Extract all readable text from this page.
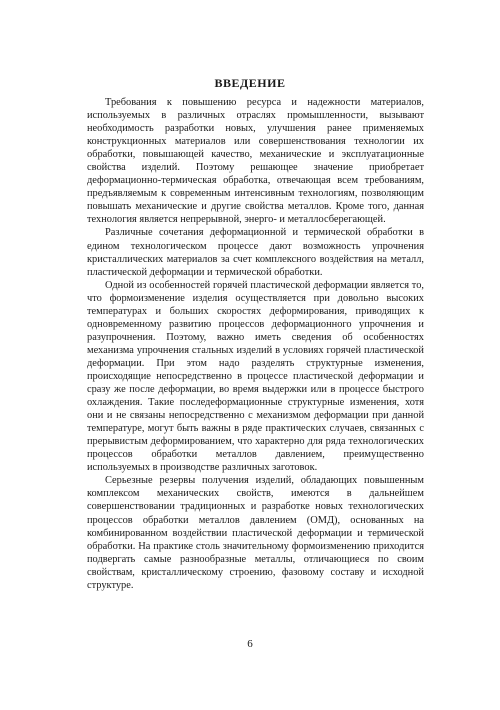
ВВЕДЕНИЕ

Требования к повышению ресурса и надежности материалов, используемых в различных отраслях промышленности, вызывают необходимость разработки новых, улучшения ранее применяемых конструкционных материалов или совершенствования технологии их обработки, повышающей качество, механические и эксплуатационные свойства изделий. Поэтому решающее значение приобретает деформационно-термическая обработка, отвечающая всем требованиям, предъявляемым к современным интенсивным технологиям, позволяющим повышать механические и другие свойства металлов. Кроме того, данная технология является непрерывной, энерго- и металлосберегающей.

Различные сочетания деформационной и термической обработки в едином технологическом процессе дают возможность упрочнения кристаллических материалов за счет комплексного воздействия на металл, пластической деформации и термической обработки.

Одной из особенностей горячей пластической деформации является то, что формоизменение изделия осуществляется при довольно высоких температурах и больших скоростях деформирования, приводящих к одновременному развитию процессов деформационного упрочнения и разупрочнения. Поэтому, важно иметь сведения об особенностях механизма упрочнения стальных изделий в условиях горячей пластической деформации. При этом надо разделять структурные изменения, происходящие непосредственно в процессе пластической деформации и сразу же после деформации, во время выдержки или в процессе быстрого охлаждения. Такие последеформационные структурные изменения, хотя они и не связаны непосредственно с механизмом деформации при данной температуре, могут быть важны в ряде практических случаев, связанных с прерывистым деформированием, что характерно для ряда технологических процессов обработки металлов давлением, преимущественно используемых в производстве различных заготовок.

Серьезные резервы получения изделий, обладающих повышенным комплексом механических свойств, имеются в дальнейшем совершенствовании традиционных и разработке новых технологических процессов обработки металлов давлением (ОМД), основанных на комбинированном воздействии пластической деформации и термической обработки. На практике столь значительному формоизменению приходится подвергать самые разнообразные металлы, отличающиеся по своим свойствам, кристаллическому строению, фазовому составу и исходной структуре.

6
